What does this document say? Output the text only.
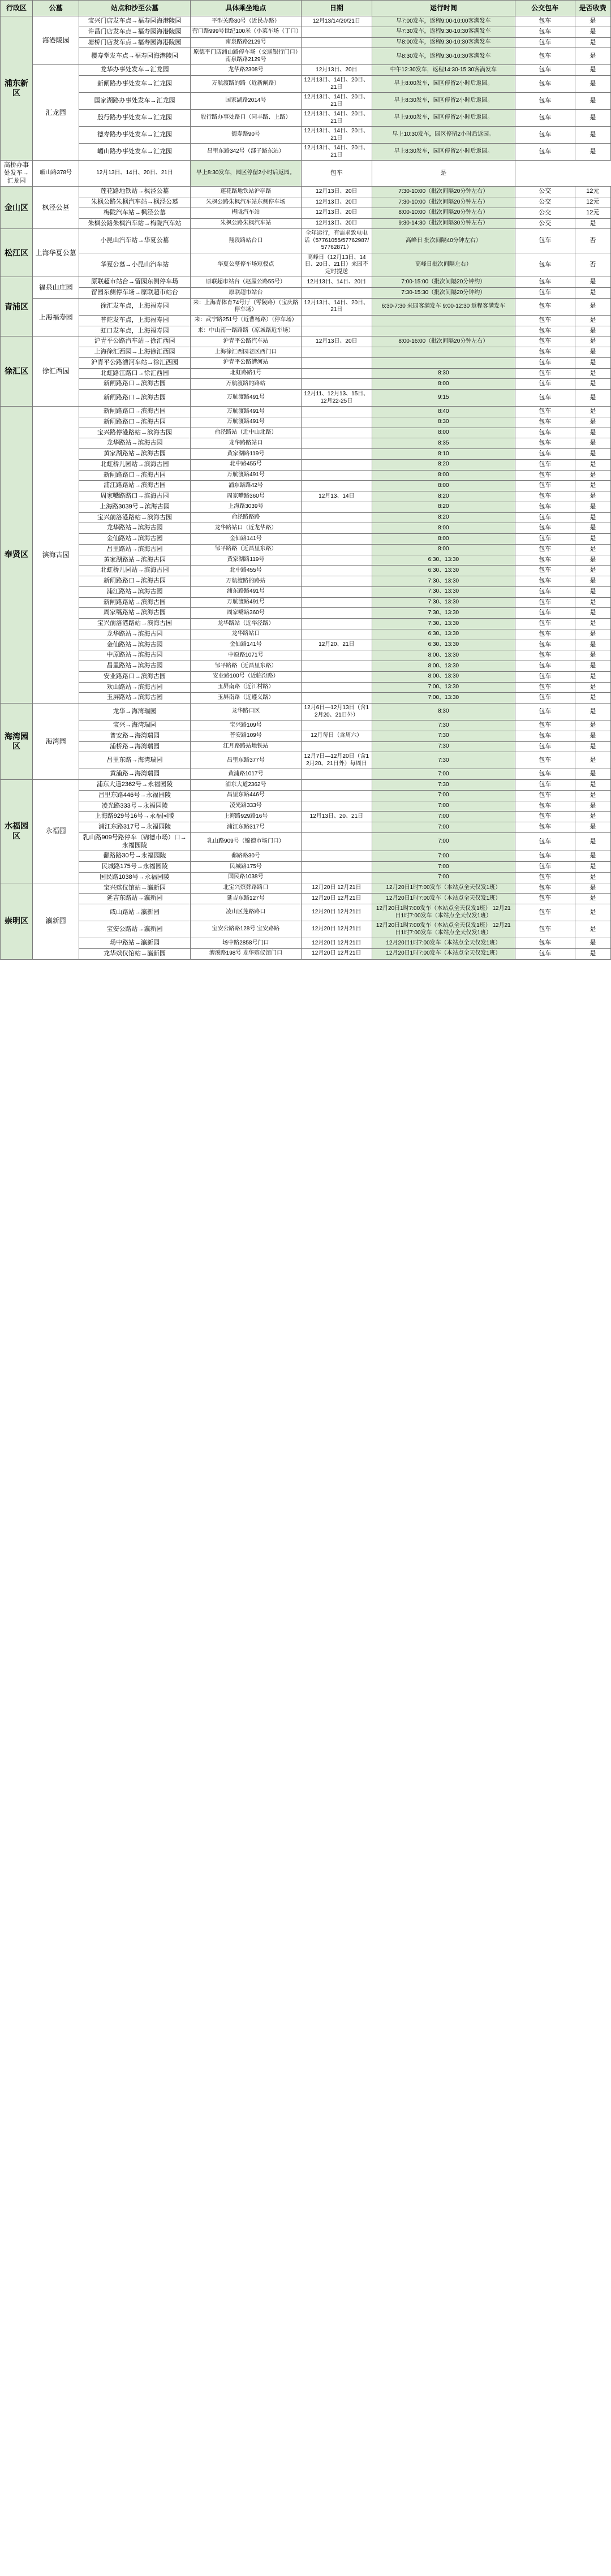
行政区	公墓	站点和沙至公墓	具体乘坐地点	日期	运行时间	公交包车	是否收费
浦东新区	海港陵园	宝兴门店发车点→福寿园海港陵园	平型关路30号（近民办路）	12月13/14/20/21日	早7:00发车，返程9:00-10:00客满发车	包车	是
		许昌门店发车点→福寿园海港陵园	营口路999号世纪100米（小菜车场（丁口）		早7:30发车，返程9:30-10:30客满发车	包车	是
		塘桥门店发车点→福寿园海港陵园	南泉路路2129号		早8:00发车，返程9:30-10:30客满发车	包车	是
		樱寿堂发车点→福寿园海港陵园	原德平门店浦山路停车场（交通银行门口）南泉路路2129号		早8:30发车，返程9:30-10:30客满发车	包车	是
	汇龙园	龙华办事处发车→汇龙园	龙华路2308号	12月13日、20日	中午12:30发车，返程14:30-15:30客满发车	包车	是
		新闸路办事处发车→汇龙园	万航渡路的路（近新闸路）	12月13日、14日、20日、21日	早上8:00发车，园区停留2小时后返园。	包车	是
		国家湖路办事处发车→汇龙园	国家湖路2014号	12月13日、14日、20日、21日	早上8:30发车，园区停留2小时后返园。	包车	是
		殷行路办事处发车→汇龙园	殷行路办事处路口（同丰路、上路）	12月13日、14日、20日、21日	早上9:00发车，园区停留2小时后返园。	包车	是
		德寿路办事处发车→汇龙园	德寿路90号	12月13日、14日、20日、21日	早上10:30发车，园区停留2小时后返园。	包车	是
		嵋山路办事处发车→汇龙园	昌里东路342号（部子路东站）	12月13日、14日、20日、21日	早上8:30发车，园区停留2小时后返园。	包车	是
高桥办事处发车→汇龙园	嵋山路378号	12月13日、14日、20日、21日	早上8:30发车，园区停留2小时后返园。	包车	是		
金山区	枫泾公墓	莲花路地铁站→枫泾公墓	莲花路地铁站沪亭路	12月13日、20日	7:30-10:00（批次间隔20分钟左右）	公交	12元
		朱枫公路朱枫汽车站→枫泾公墓	朱枫公路朱枫汽车站东侧停车场	12月13日、20日	7:30-10:00（批次间隔20分钟左右）	公交	12元
		梅陇汽车站→枫泾公墓	梅陇汽车站	12月13日、20日	8:00-10:00（批次间隔20分钟左右）	公交	12元
		朱枫公路朱枫汽车站→梅陇汽车站	朱枫公路朱枫汽车站	12月13日、20日	9:30-14:30（批次间隔30分钟左右）	公交	是
松江区	上海华夏公墓	小昆山汽车站→华夏公墓	翔段路站台口	全年运行，有需求致电电话（57761055/57762987/57762871）	高峰日 批次间隔40分钟左右）	包车	否
		华夏公墓→小昆山汽车站	华夏公墓停车场短驳点	高峰日（12月13日、14日、20日、21日）来园不定时提送	高峰日批次间隔左右）	包车	否
青浦区	福泉山庄园	原联超市站台→留园东侧停车场	原联超市站台（赵屋公路55号）	12月13日、14日、20日	7:00-15:00（批次间隔20分钟约）	包车	是
		留园东侧停车场→原联超市站台	原联超市站台		7:30-15:30（批次间隔20分钟约）	包车	是
	上海福寿园	徐汇发车点，上海福寿园	来：上海青体育74号厅（零陵路）（宝庆路停车场）	12月13日、14日、20日、21日	6:30-7:30 来园客满发车 9:00-12:30 返程客满发车	包车	是
		普陀发车点，上海福寿园	来：武宁路251号（近曹杨路）（停车场）			包车	是
		虹口发车点，上海福寿园	来：中山南一路路路（凉城路近车场）			包车	是
徐汇区	徐汇西园	沪青平公路汽车站→徐汇西园	沪青平公路汽车站	12月13日、20日	8:00-16:00（批次间隔20分钟左右）	包车	是
		上海徐汇西园→上海徐汇西园	上海徐汇西园老区西门口			包车	是
		沪青平公路漕河车站→徐汇西园	沪青平公路漕河站			包车	是
		北虹路江路口→徐汇西园	北虹路路1号		8:30	包车	是
		新闸路路口→滨海古园	万航渡路的路站		8:00	包车	是
		新闸路路口→滨海古园	万航渡路491号	12月11、12月13、15日、12月22-25日	9:15	包车	是
奉贤区	滨海古园	新闸路路口→滨海古园	万航渡路491号		8:40	包车	是
		新闸路路口→滨海古园	万航渡路491号		8:30	包车	是
		宝兴路停港路站→滨海古园	俞泾路站（近中山北路）		8:00	包车	是
		龙华路站→滨海古园	龙华路路站口		8:35	包车	是
		黄家湖路站→滨海古园	黄家湖路119号		8:10	包车	是
		北虹桥儿园站→滨海古园	北中路455号		8:20	包车	是
		新闸路路口→滨海古园	万航渡路491号		8:00	包车	是
		浦江路路站→滨海古园	浦东路路42号		8:00	包车	是
		周家嘴路路口→滨海古园	周家嘴路360号	12月13、14日	8:20	包车	是
		上海路3039号→滨海古园	上海路3039号		8:20	包车	是
		宝兴前洛港路站→滨海古园	俞泾路路路		8:20	包车	是
		龙华路站→滨海古园	龙华路站口（近龙华路）		8:00	包车	是
		金仙路站→滨海古园	金仙路141号		8:00	包车	是
		昌里路站→滨海古园	邹平路路（近昌里东路）		8:00	包车	是
		黄家湖路站→滨海古园	黄家湖路119号		6:30、13:30	包车	是
		北虹桥儿园站→滨海古园	北中路455号		6:30、13:30	包车	是
		新闸路路口→滨海古园	万航渡路的路站		7:30、13:30	包车	是
		浦江路站→滨海古园	浦东路路491号		7:30、13:30	包车	是
		新闸路路站→滨海古园	万航渡路491号		7:30、13:30	包车	是
		周家嘴路站→滨海古园	周家嘴路360号		7:30、13:30	包车	是
		宝兴前洛港路站→滨海古园	龙华路站（近华泾路）		7:30、13:30	包车	是
		龙华路站→滨海古园	龙华路站口		6:30、13:30	包车	是
		金仙路站→滨海古园	金仙路141号	12月20、21日	6:30、13:30	包车	是
		中原路站→滨海古园	中原路1071号		8:00、13:30	包车	是
		昌里路站→滨海古园	邹平路路（近昌里东路）		8:00、13:30	包车	是
		安业路路口→滨海古园	安业路100号（近临汾路）		8:00、13:30	包车	是
		欢山路站→滨海古园	玉屏南路（近江村路）		7:00、13:30	包车	是
		玉屏路站→滨海古园	玉屏南路（近遵义路）		7:00、13:30	包车	是
海湾园区	海湾园	龙华→海湾瑞园	龙华路口区	12月6日—12月13日（含12月20、21日外）	8:30	包车	是
		宝兴→海湾瑞园	宝兴路109号		7:30	包车	是
		普安路→海湾瑞园	普安路109号	12月每日（含周六）	7:30	包车	是
		浦桥路→海湾瑞园	江月路路站地铁站		7:30	包车	是
		昌里东路→海湾瑞园	昌里东路377号	12月7日—12月20日（含12月20、21日外）每周日	7:30	包车	是
		黄浦路→海湾瑞园	黄浦路1017号		7:00	包车	是
水福园区	永福园	浦东大道2362号→永福园陵	浦东大道2362号		7:30	包车	是
		昌里东路446号→永福园陵	昌里东路446号		7:00	包车	是
		凌光路333号→永福园陵	凌光路333号		7:00	包车	是
		上海路929号16号→永福园陵	上海路929路16号	12月13日、20、21日	7:00	包车	是
		浦江东路317号→永福园陵	浦江东路317号		7:00	包车	是
		乳山路909号路停车（锦德市场）口→永福园陵	乳山路909号（锦德市场门口）		7:00	包车	是
		鄱路路30号→永福园陵	鄱路路30号		7:00	包车	是
		民城路175号→永福园陵	民城路175号		7:00	包车	是
		国民路1038号→永福园陵	国民路1038号		7:00	包车	是
崇明区	瀛新园	宝兴殡仪馆站→瀛新园	北宝兴殡葬路路口	12月20日 12月21日	12月20日1时7:00发车（本站点全天仅发1班）	包车	是
		延吉东路站→瀛新园	延吉东路127号	12月20日 12月21日	12月20日1时7:00发车（本站点全天仅发1班）	包车	是
		咸山路站→瀛新园	凌山区莲路路口	12月20日 12月21日	12月20日1时7:00发车（本站点全天仅发1班） 12月21日1时7:00发车（本站点全天仅发1班）	包车	是
		宝安公路站→瀛新园	宝安公路路128号 宝安路路	12月20日 12月21日	12月20日1时7:00发车（本站点全天仅发1班） 12月21日1时7:00发车（本站点全天仅发1班）	包车	是
		场中路站→瀛新园	场中路2858号门口	12月20日 12月21日	12月20日1时7:00发车（本站点全天仅发1班）	包车	是
		龙华殡仪馆站→瀛新园	漕溪路198号 龙华殡仪馆门口	12月20日 12月21日	12月20日1时7:00发车（本站点全天仅发1班）	包车	是
